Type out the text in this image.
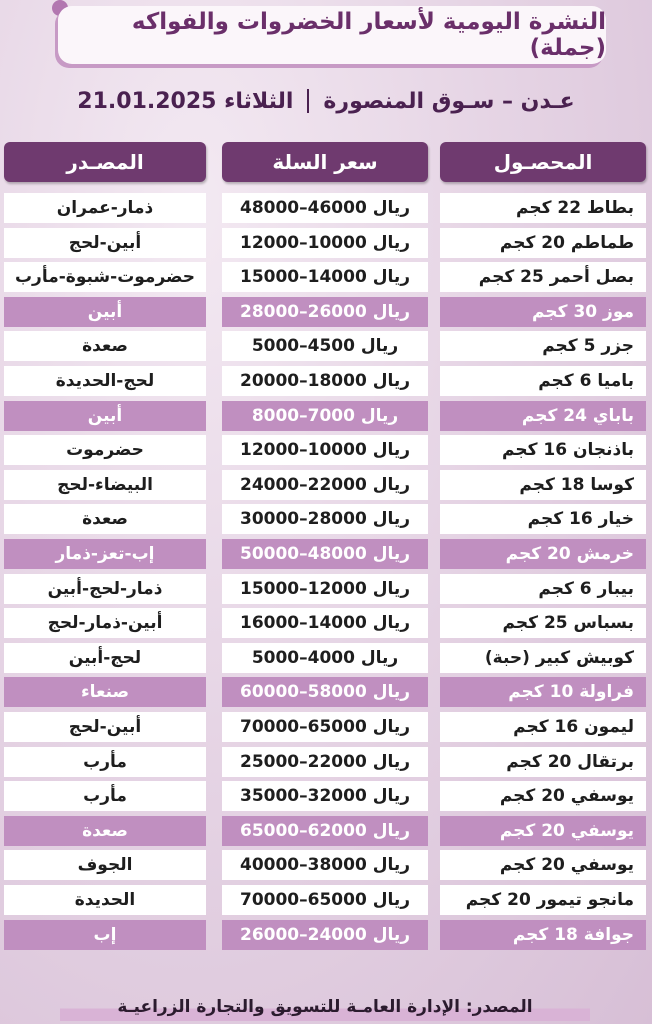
النشرة اليومية لأسعار الخضروات والفواكه (جملة)
عـدن – سـوق المنصورة
الثلاثاء

21.01.2025
المحصـول
سعر السلة
المصـدر
بطاط 22 كجم
48000–46000 ريال
ذمار-عمران
طماطم 20 كجم
12000–10000 ريال
أبين-لحج
بصل أحمر 25 كجم
15000–14000 ريال
حضرموت-شبوة-مأرب
موز 30 كجم
28000–26000 ريال
أبين
جزر 5 كجم
5000–4500 ريال
صعدة
باميا 6 كجم
20000–18000 ريال
لحج-الحديدة
باباي 24 كجم
8000–7000 ريال
أبين
باذنجان 16 كجم
12000–10000 ريال
حضرموت
كوسا 18 كجم
24000–22000 ريال
البيضاء-لحج
خيار 16 كجم
30000–28000 ريال
صعدة
خرمش 20 كجم
50000–48000 ريال
إب-تعز-ذمار
بيبار 6 كجم
15000–12000 ريال
ذمار-لحج-أبين
بسباس 25 كجم
16000–14000 ريال
أبين-ذمار-لحج
كوبيش كبير (حبة)
5000–4000 ريال
لحج-أبين
فراولة 10 كجم
60000–58000 ريال
صنعاء
ليمون 16 كجم
70000–65000 ريال
أبين-لحج
برتقال 20 كجم
25000–22000 ريال
مأرب
يوسفي 20 كجم
35000–32000 ريال
مأرب
يوسفي 20 كجم
65000–62000 ريال
صعدة
يوسفي 20 كجم
40000–38000 ريال
الجوف
مانجو تيمور 20 كجم
70000–65000 ريال
الحديدة
جوافة 18 كجم
26000–24000 ريال
إب
المصدر: الإدارة العامـة للتسويق والتجارة الزراعيـة
